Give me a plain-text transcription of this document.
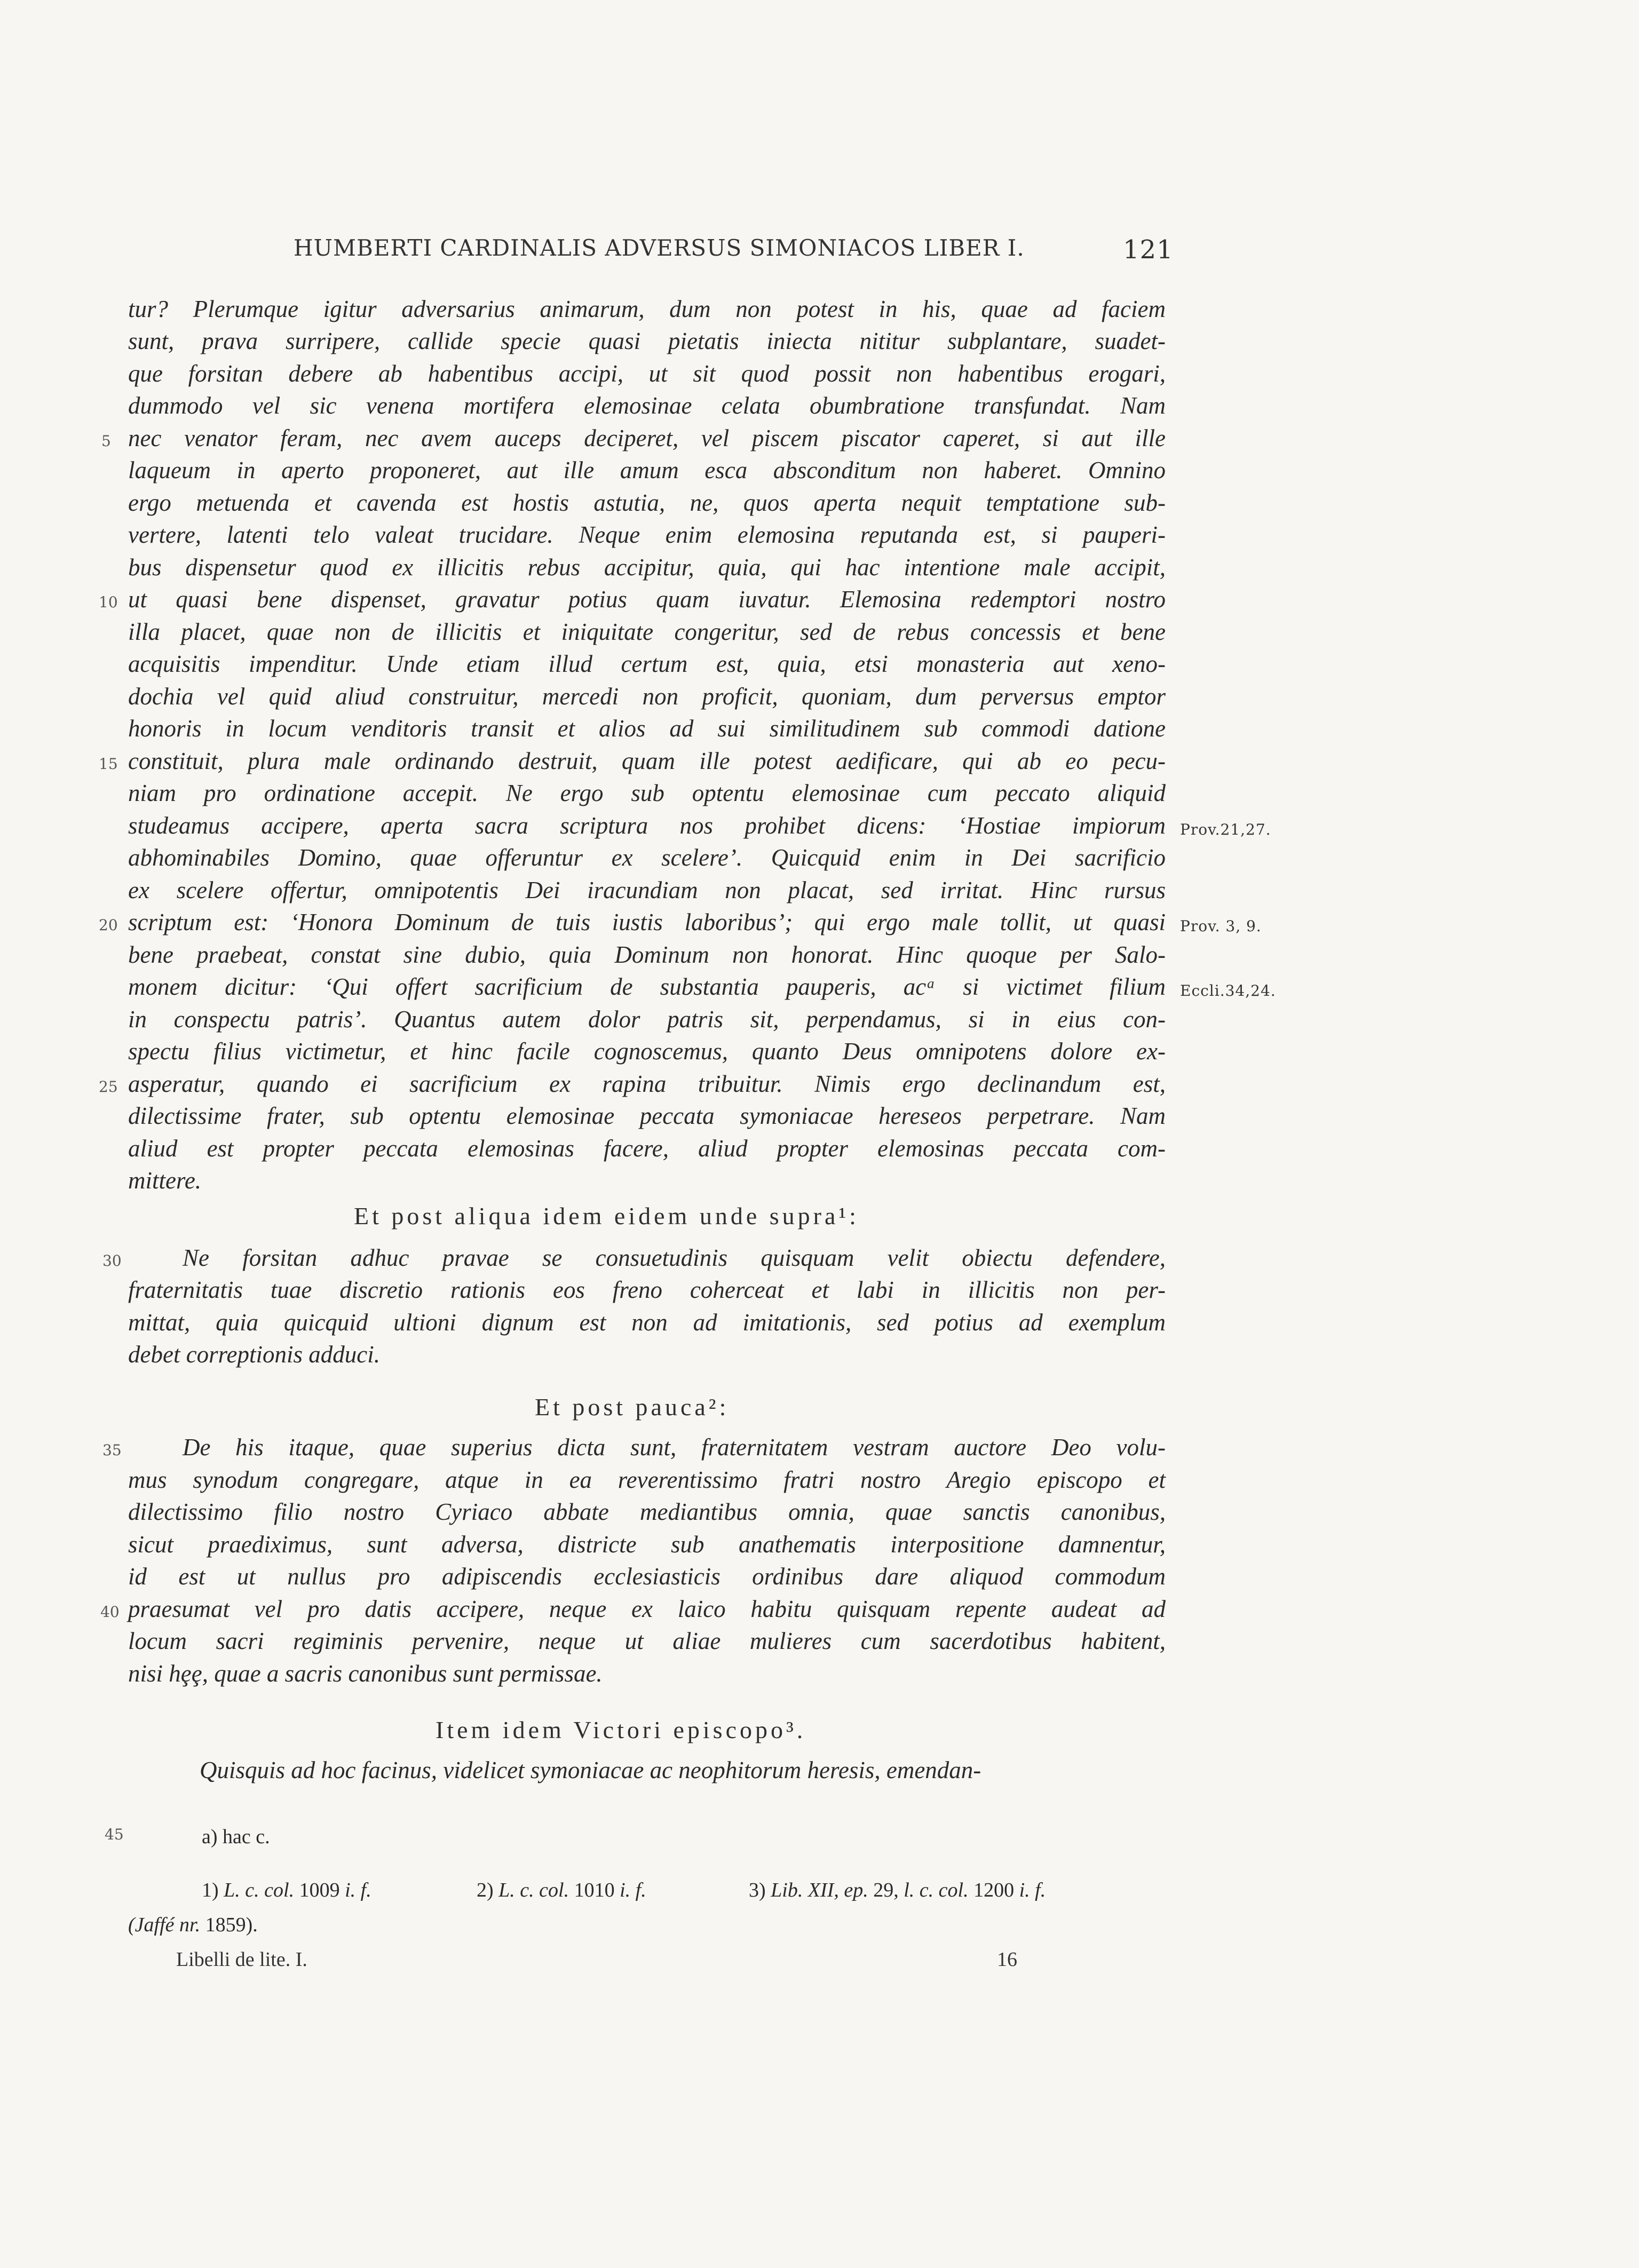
HUMBERTI CARDINALIS ADVERSUS SIMONIACOS LIBER I.	121
tur? Plerumque igitur adversarius animarum, dum non potest in his, quae ad faciem
sunt, prava surripere, callide specie quasi pietatis iniecta nititur subplantare, suadet-
que forsitan debere ab habentibus accipi, ut sit quod possit non habentibus erogari,
dummodo vel sic venena mortifera elemosinae celata obumbratione transfundat. Nam
nec venator feram, nec avem auceps deciperet, vel piscem piscator caperet, si aut ille
laqueum in aperto proponeret, aut ille amum esca absconditum non haberet. Omnino
ergo metuenda et cavenda est hostis astutia, ne, quos aperta nequit temptatione sub-
vertere, latenti telo valeat trucidare. Neque enim elemosina reputanda est, si pauperi-
bus dispensetur quod ex illicitis rebus accipitur, quia, qui hac intentione male accipit,
ut quasi bene dispenset, gravatur potius quam iuvatur. Elemosina redemptori nostro
illa placet, quae non de illicitis et iniquitate congeritur, sed de rebus concessis et bene
acquisitis impenditur. Unde etiam illud certum est, quia, etsi monasteria aut xeno-
dochia vel quid aliud construitur, mercedi non proficit, quoniam, dum perversus emptor
honoris in locum venditoris transit et alios ad sui similitudinem sub commodi datione
constituit, plura male ordinando destruit, quam ille potest aedificare, qui ab eo pecu-
niam pro ordinatione accepit. Ne ergo sub optentu elemosinae cum peccato aliquid
studeamus accipere, aperta sacra scriptura nos prohibet dicens: ‘Hostiae impiorum
abhominabiles Domino, quae offeruntur ex scelere’. Quicquid enim in Dei sacrificio
ex scelere offertur, omnipotentis Dei iracundiam non placat, sed irritat. Hinc rursus
scriptum est: ‘Honora Dominum de tuis iustis laboribus’; qui ergo male tollit, ut quasi
bene praebeat, constat sine dubio, quia Dominum non honorat. Hinc quoque per Salo-
monem dicitur: ‘Qui offert sacrificium de substantia pauperis, acᵃ si victimet filium
in conspectu patris’. Quantus autem dolor patris sit, perpendamus, si in eius con-
spectu filius victimetur, et hinc facile cognoscemus, quanto Deus omnipotens dolore ex-
asperatur, quando ei sacrificium ex rapina tribuitur. Nimis ergo declinandum est,
dilectissime frater, sub optentu elemosinae peccata symoniacae hereseos perpetrare. Nam
aliud est propter peccata elemosinas facere, aliud propter elemosinas peccata com-
mittere.
Et post aliqua idem eidem unde supra¹:
Ne forsitan adhuc pravae se consuetudinis quisquam velit obiectu defendere,
fraternitatis tuae discretio rationis eos freno coherceat et labi in illicitis non per-
mittat, quia quicquid ultioni dignum est non ad imitationis, sed potius ad exemplum
debet correptionis adduci.
Et post pauca²:
De his itaque, quae superius dicta sunt, fraternitatem vestram auctore Deo volu-
mus synodum congregare, atque in ea reverentissimo fratri nostro Aregio episcopo et
dilectissimo filio nostro Cyriaco abbate mediantibus omnia, quae sanctis canonibus,
sicut praediximus, sunt adversa, districte sub anathematis interpositione damnentur,
id est ut nullus pro adipiscendis ecclesiasticis ordinibus dare aliquod commodum
praesumat vel pro datis accipere, neque ex laico habitu quisquam repente audeat ad
locum sacri regiminis pervenire, neque ut aliae mulieres cum sacerdotibus habitent,
nisi hȩȩ, quae a sacris canonibus sunt permissae.
Item idem Victori episcopo³.
Quisquis ad hoc facinus, videlicet symoniacae ac neophitorum heresis, emendan-
5
10
15
20
25
30
35
40
45
Prov.21,27.
Prov. 3, 9.
Eccli.34,24.
a) hac c.
1) L. c. col. 1009 i. f.	2) L. c. col. 1010 i. f.	3) Lib. XII, ep. 29, l. c. col. 1200 i. f.
(Jaffé nr. 1859).
Libelli de lite. I.	16
